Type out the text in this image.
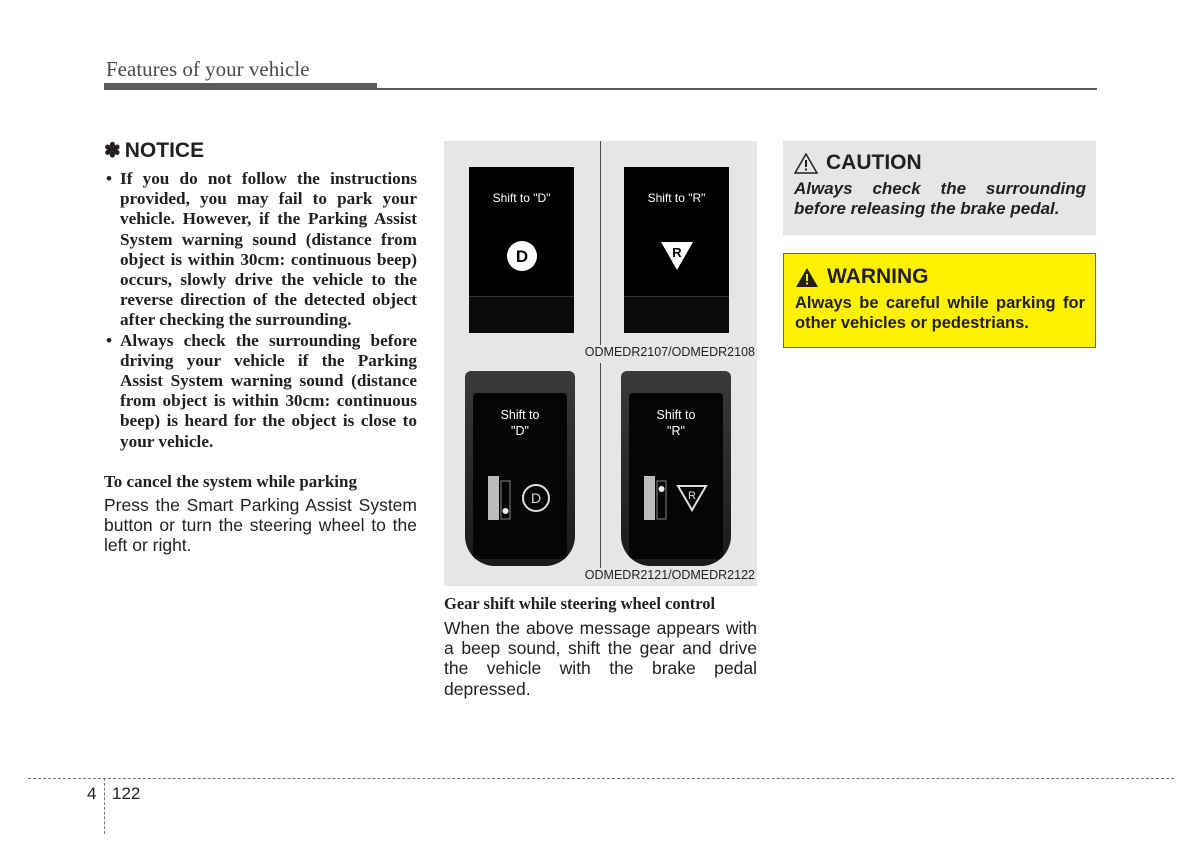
Features of your vehicle
✽ NOTICE
• If you do not follow the instructions provided, you may fail to park your vehicle. However, if the Parking Assist System warning sound (distance from object is within 30cm: continuous beep) occurs, slowly drive the vehicle to the reverse direction of the detected object after checking the surrounding.
• Always check the surrounding before driving your vehicle if the Parking Assist System warning sound (distance from object is within 30cm: continuous beep) is heard for the object is close to your vehicle.
To cancel the system while parking

Press the Smart Parking Assist System button or turn the steering wheel to the left or right.

Shift to "D"
D
Shift to "R"
R
ODMEDR2107/ODMEDR2108
Shift to
"D"
D
Shift to
"R"
R
ODMEDR2121/ODMEDR2122
Gear shift while steering wheel control

When the above message appears with a beep sound, shift the gear and drive the vehicle with the brake pedal depressed.

CAUTION
Always check the surrounding before releasing the brake pedal.
WARNING
Always be careful while parking for other vehicles or pedestrians.
4 122
